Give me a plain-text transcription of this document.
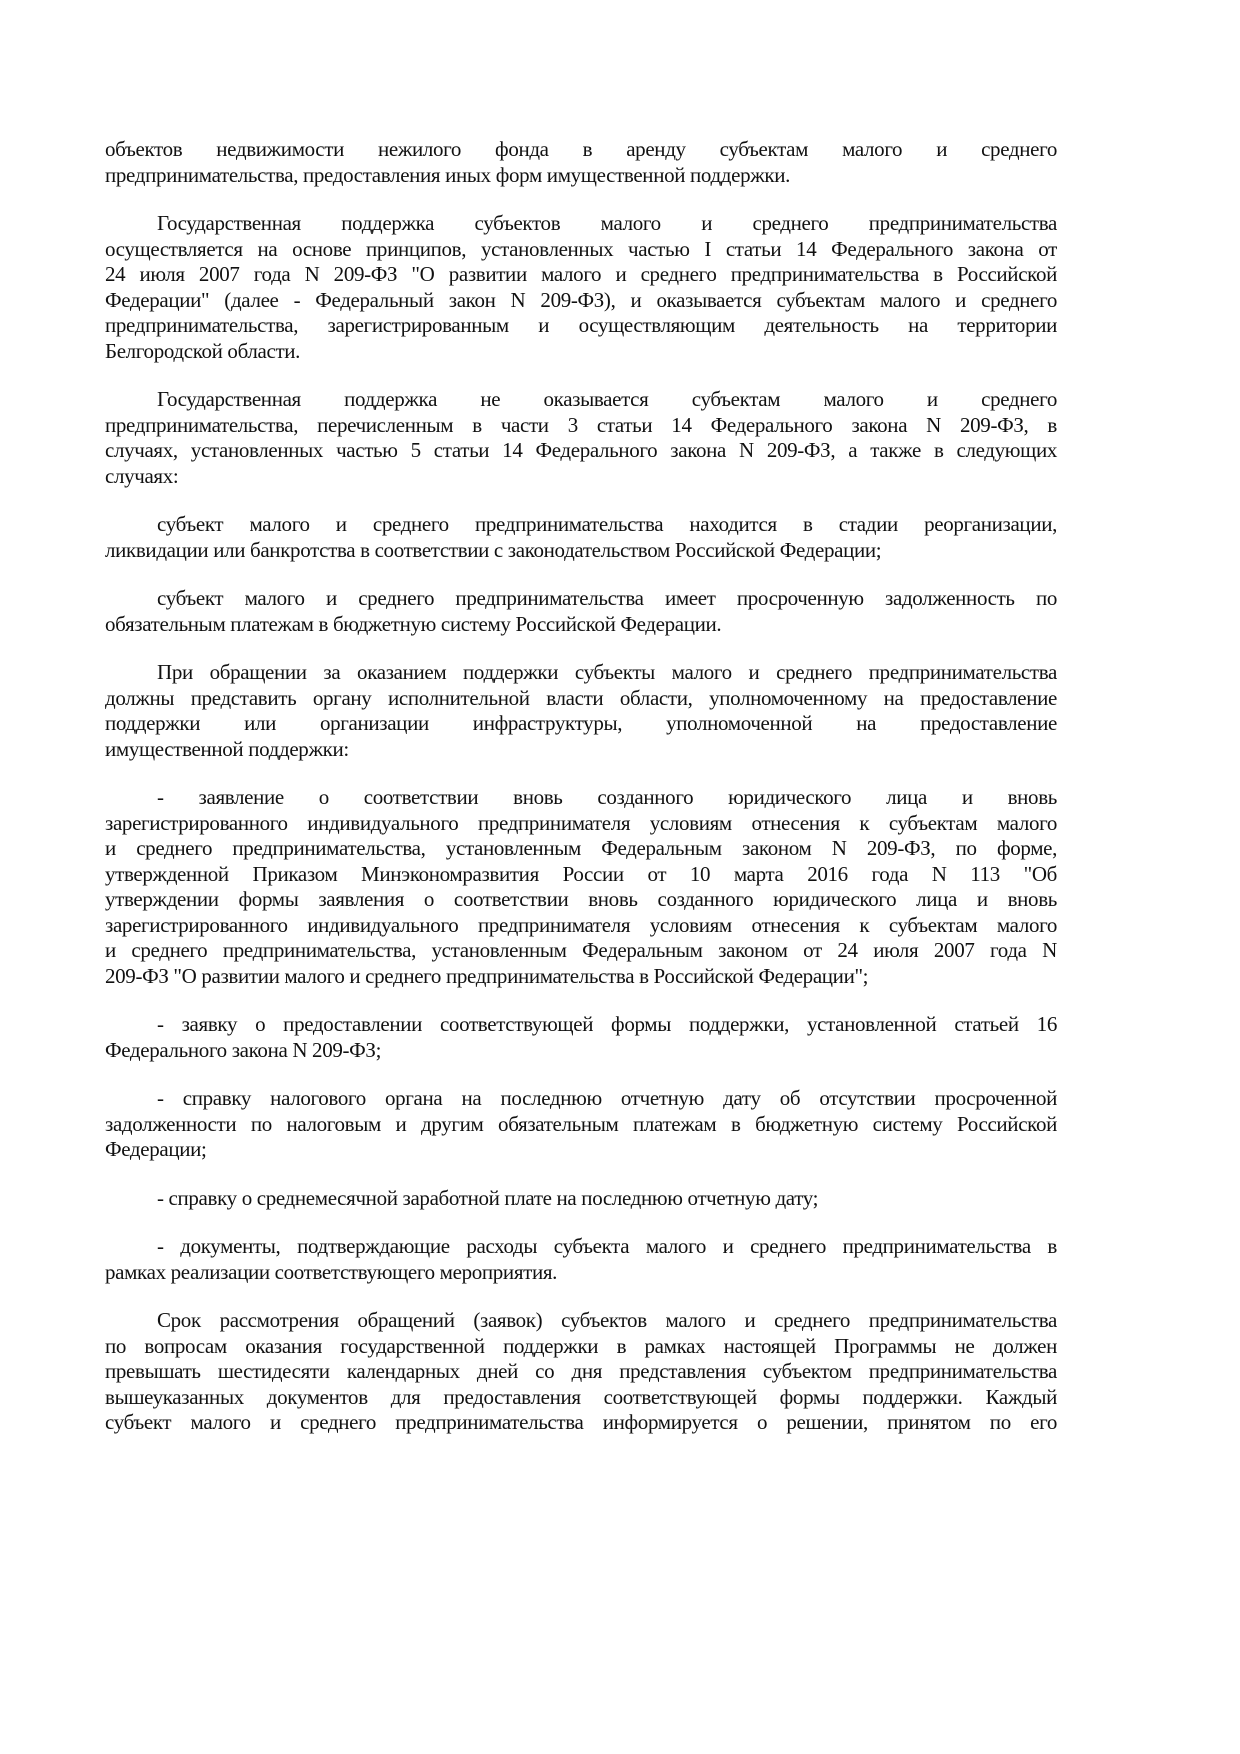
объектов недвижимости нежилого фонда в аренду субъектам малого и среднего
предпринимательства, предоставления иных форм имущественной поддержки.

Государственная поддержка субъектов малого и среднего предпринимательства
осуществляется на основе принципов, установленных частью I статьи 14 Федерального закона от
24 июля 2007 года N 209-ФЗ "О развитии малого и среднего предпринимательства в Российской
Федерации" (далее - Федеральный закон N 209-ФЗ), и оказывается субъектам малого и среднего
предпринимательства, зарегистрированным и осуществляющим деятельность на территории
Белгородской области.

Государственная поддержка не оказывается субъектам малого и среднего
предпринимательства, перечисленным в части 3 статьи 14 Федерального закона N 209-ФЗ, в
случаях, установленных частью 5 статьи 14 Федерального закона N 209-ФЗ, а также в следующих
случаях:

субъект малого и среднего предпринимательства находится в стадии реорганизации,
ликвидации или банкротства в соответствии с законодательством Российской Федерации;

субъект малого и среднего предпринимательства имеет просроченную задолженность по
обязательным платежам в бюджетную систему Российской Федерации.

При обращении за оказанием поддержки субъекты малого и среднего предпринимательства
должны представить органу исполнительной власти области, уполномоченному на предоставление
поддержки или организации инфраструктуры, уполномоченной на предоставление
имущественной поддержки:

- заявление о соответствии вновь созданного юридического лица и вновь
зарегистрированного индивидуального предпринимателя условиям отнесения к субъектам малого
и среднего предпринимательства, установленным Федеральным законом N 209-ФЗ, по форме,
утвержденной Приказом Минэкономразвития России от 10 марта 2016 года N 113 "Об
утверждении формы заявления о соответствии вновь созданного юридического лица и вновь
зарегистрированного индивидуального предпринимателя условиям отнесения к субъектам малого
и среднего предпринимательства, установленным Федеральным законом от 24 июля 2007 года N
209-ФЗ "О развитии малого и среднего предпринимательства в Российской Федерации";

- заявку о предоставлении соответствующей формы поддержки, установленной статьей 16
Федерального закона N 209-ФЗ;

- справку налогового органа на последнюю отчетную дату об отсутствии просроченной
задолженности по налоговым и другим обязательным платежам в бюджетную систему Российской
Федерации;

- справку о среднемесячной заработной плате на последнюю отчетную дату;

- документы, подтверждающие расходы субъекта малого и среднего предпринимательства в
рамках реализации соответствующего мероприятия.

Срок рассмотрения обращений (заявок) субъектов малого и среднего предпринимательства
по вопросам оказания государственной поддержки в рамках настоящей Программы не должен
превышать шестидесяти календарных дней со дня представления субъектом предпринимательства
вышеуказанных документов для предоставления соответствующей формы поддержки. Каждый
субъект малого и среднего предпринимательства информируется о решении, принятом по его
